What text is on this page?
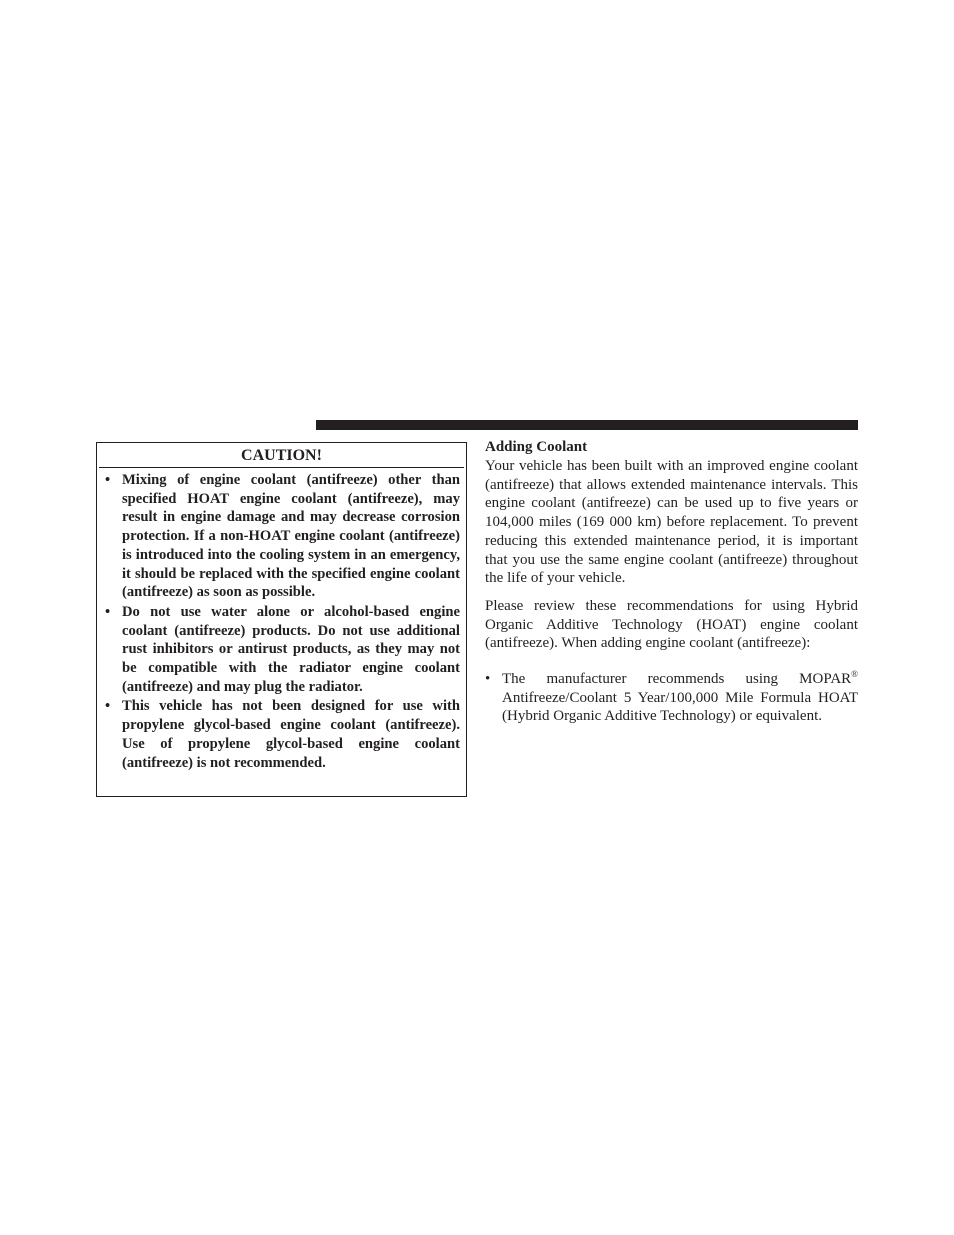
CAUTION!
• Mixing of engine coolant (antifreeze) other than specified HOAT engine coolant (antifreeze), may result in engine damage and may decrease corrosion protection. If a non-HOAT engine coolant (antifreeze) is introduced into the cooling system in an emergency, it should be replaced with the specified engine coolant (antifreeze) as soon as possible.
• Do not use water alone or alcohol-based engine coolant (antifreeze) products. Do not use additional rust inhibitors or antirust products, as they may not be compatible with the radiator engine coolant (antifreeze) and may plug the radiator.
• This vehicle has not been designed for use with propylene glycol-based engine coolant (antifreeze). Use of propylene glycol-based engine coolant (antifreeze) is not recommended.
Adding Coolant

Your vehicle has been built with an improved engine coolant (antifreeze) that allows extended maintenance intervals. This engine coolant (antifreeze) can be used up to five years or 104,000 miles (169 000 km) before replacement. To prevent reducing this extended maintenance period, it is important that you use the same engine coolant (antifreeze) throughout the life of your vehicle.

Please review these recommendations for using Hybrid Organic Additive Technology (HOAT) engine coolant (antifreeze). When adding engine coolant (antifreeze):

• The manufacturer recommends using MOPAR® Antifreeze/Coolant 5 Year/100,000 Mile Formula HOAT (Hybrid Organic Additive Technology) or equivalent.
